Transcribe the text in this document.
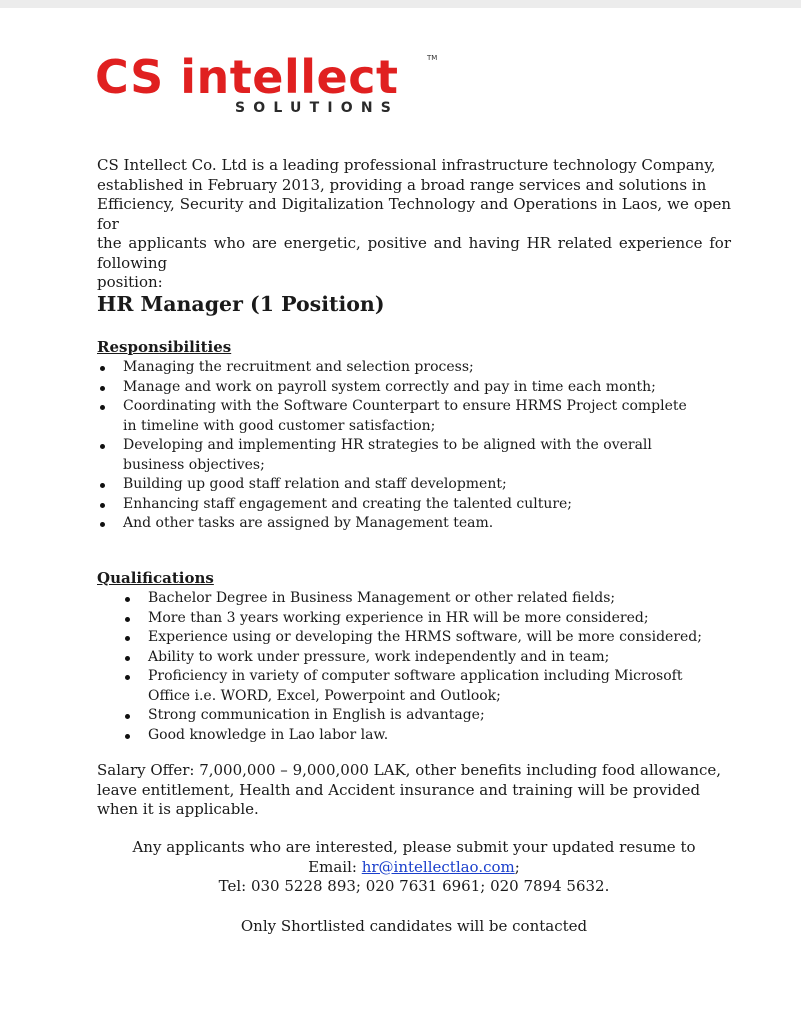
CS intellect	TM
SOLUTIONS
CS Intellect Co. Ltd is a leading professional infrastructure technology Company,
established in February 2013, providing a broad range services and solutions in
Efficiency, Security and Digitalization Technology and Operations in Laos, we open for
the applicants who are energetic, positive and having HR related experience for following
position:
HR Manager (1 Position)
Responsibilities
Managing the recruitment and selection process;
Manage and work on payroll system correctly and pay in time each month;
Coordinating with the Software Counterpart to ensure HRMS Project complete in timeline with good customer satisfaction;
Developing and implementing HR strategies to be aligned with the overall business objectives;
Building up good staff relation and staff development;
Enhancing staff engagement and creating the talented culture;
And other tasks are assigned by Management team.
Qualifications
Bachelor Degree in Business Management or other related fields;
More than 3 years working experience in HR will be more considered;
Experience using or developing the HRMS software, will be more considered;
Ability to work under pressure, work independently and in team;
Proficiency in variety of computer software application including Microsoft Office i.e. WORD, Excel, Powerpoint and Outlook;
Strong communication in English is advantage;
Good knowledge in Lao labor law.

Salary Offer: 7,000,000 – 9,000,000 LAK, other benefits including food allowance, leave entitlement, Health and Accident insurance and training will be provided when it is applicable.

Any applicants who are interested, please submit your updated resume to
Email: hr@intellectlao.com;
Tel: 030 5228 893; 020 7631 6961; 020 7894 5632.

Only Shortlisted candidates will be contacted
